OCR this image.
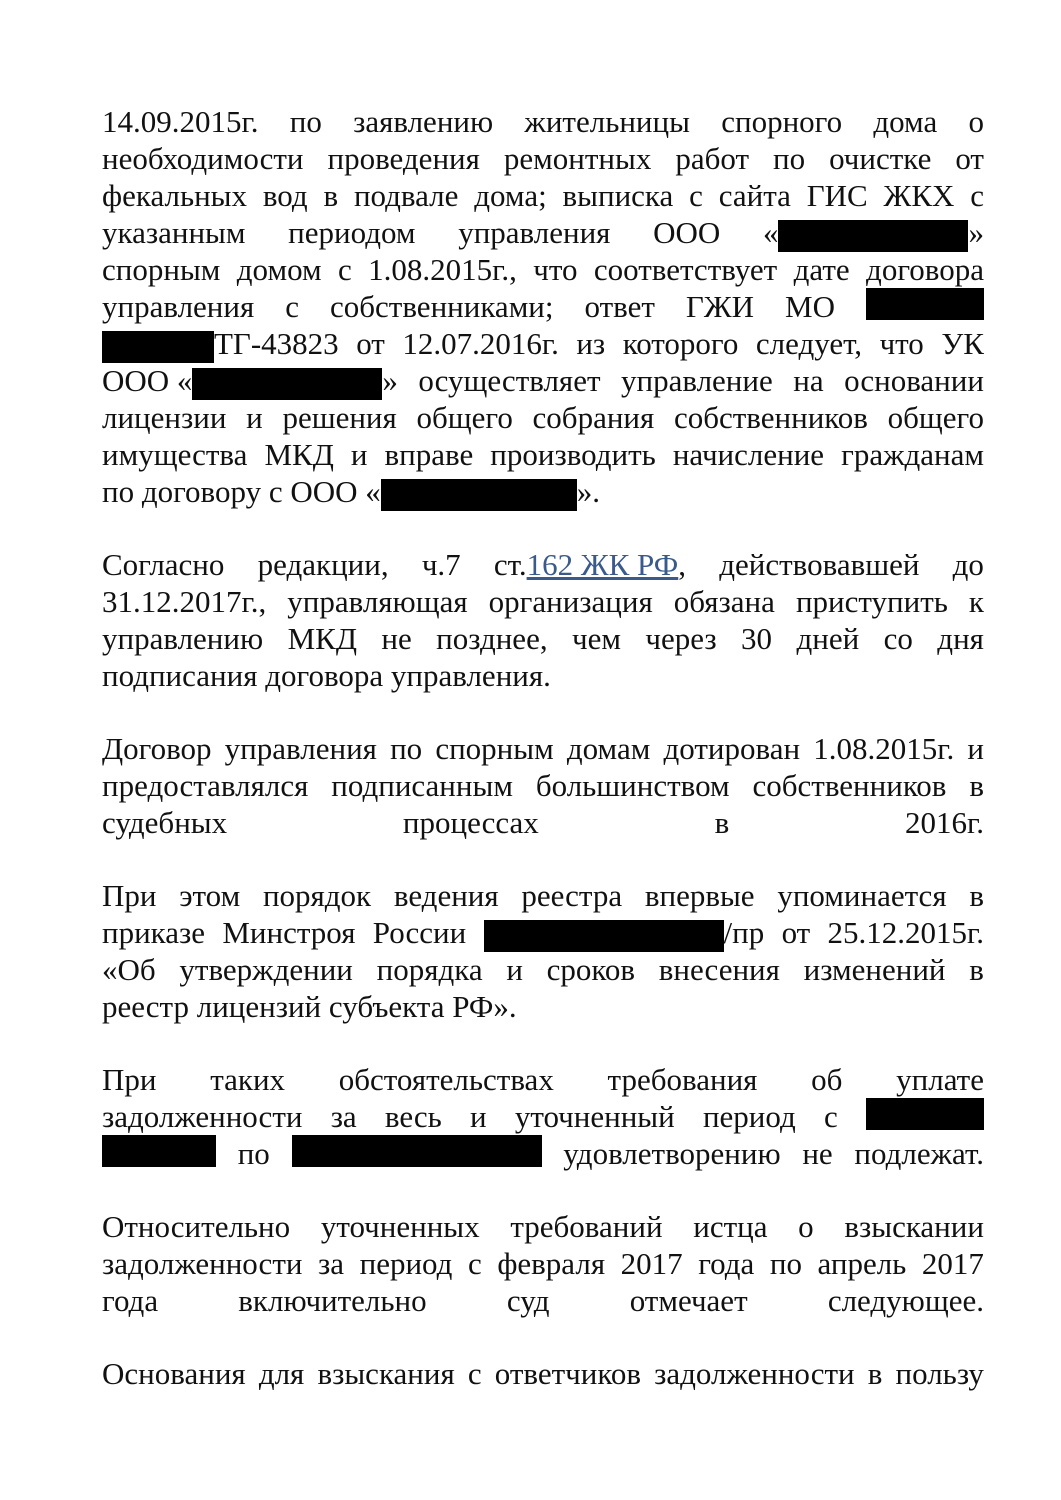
14.09.2015г. по заявлению жительницы спорного дома о
необходимости проведения ремонтных работ по очистке от
фекальных вод в подвале дома; выписка с сайта ГИС ЖКХ с
указанным периодом управления ООО «	»
спорным домом с 1.08.2015г., что соответствует дате договора
управления с собственниками; ответ ГЖИ МО
ТГ-43823 от 12.07.2016г. из которого следует, что УК
ООО «	» осуществляет управление на основании
лицензии и решения общего собрания собственников общего
имущества МКД и вправе производить начисление гражданам
по договору с ООО «	».
Согласно редакции, ч.7 ст.162 ЖК РФ, действовавшей до
31.12.2017г., управляющая организация обязана приступить к
управлению МКД не позднее, чем через 30 дней со дня
подписания договора управления.
Договор управления по спорным домам дотирован 1.08.2015г. и
предоставлялся подписанным большинством собственников в
судебных	процессах	в	2016г.
При этом порядок ведения реестра впервые упоминается в
приказе Минстроя России	/пр от 25.12.2015г.
«Об утверждении порядка и сроков внесения изменений в
реестр лицензий субъекта РФ».
При таких обстоятельствах требования об уплате
задолженности за весь и уточненный период с
по	удовлетворению не подлежат.
Относительно уточненных требований истца о взыскании
задолженности за период с февраля 2017 года по апрель 2017
года	включительно	суд	отмечает	следующее.
Основания для взыскания с ответчиков задолженности в пользу
